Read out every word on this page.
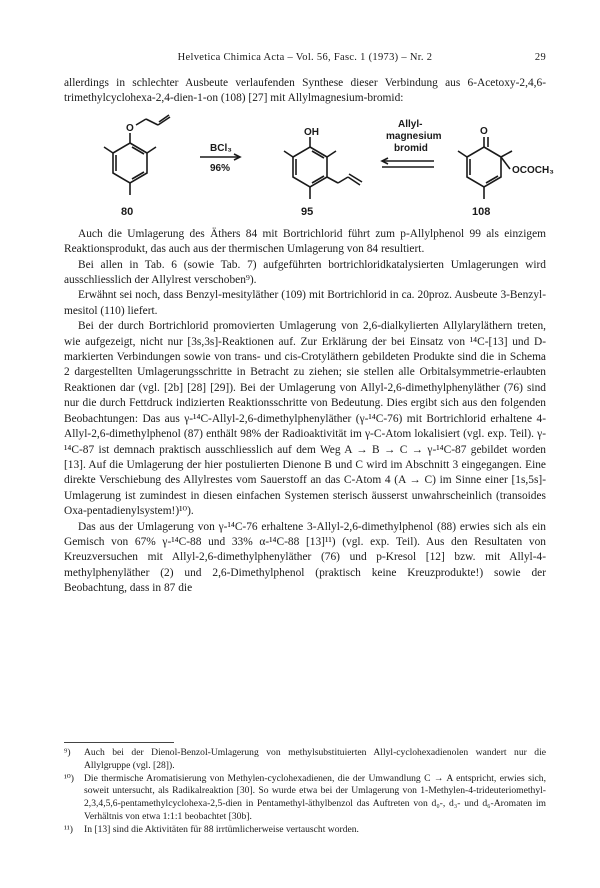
Helvetica Chimica Acta – Vol. 56, Fasc. 1 (1973) – Nr. 2	29

allerdings in schlechter Ausbeute verlaufenden Synthese dieser Verbindung aus 6-Acetoxy-2,4,6-trimethylcyclohexa-2,4-dien-1-on (108) [27] mit Allylmagnesium-bromid:

O	OH	O
OCOCH₃
BCl₃
96%
Allyl-
magnesium
bromid
80	95	108

Auch die Umlagerung des Äthers 84 mit Bortrichlorid führt zum p-Allylphenol 99 als einzigem Reaktionsprodukt, das auch aus der thermischen Umlagerung von 84 resultiert.

Bei allen in Tab. 6 (sowie Tab. 7) aufgeführten bortrichloridkatalysierten Umlagerungen wird ausschliesslich der Allylrest verschoben⁹).

Erwähnt sei noch, dass Benzyl-mesityläther (109) mit Bortrichlorid in ca. 20proz. Ausbeute 3-Benzyl-mesitol (110) liefert.

Bei der durch Bortrichlorid promovierten Umlagerung von 2,6-dialkylierten Allylaryläthern treten, wie aufgezeigt, nicht nur [3s,3s]-Reaktionen auf. Zur Erklärung der bei Einsatz von ¹⁴C-[13] und D-markierten Verbindungen sowie von trans- und cis-Crotyläthern gebildeten Produkte sind die in Schema 2 dargestellten Umlagerungsschritte in Betracht zu ziehen; sie stellen alle Orbitalsymmetrie-erlaubten Reaktionen dar (vgl. [2b] [28] [29]). Bei der Umlagerung von Allyl-2,6-dimethylphenyläther (76) sind nur die durch Fettdruck indizierten Reaktionsschritte von Bedeutung. Dies ergibt sich aus den folgenden Beobachtungen: Das aus γ-¹⁴C-Allyl-2,6-dimethylphenyläther (γ-¹⁴C-76) mit Bortrichlorid erhaltene 4-Allyl-2,6-dimethylphenol (87) enthält 98% der Radioaktivität im γ-C-Atom lokalisiert (vgl. exp. Teil). γ-¹⁴C-87 ist demnach praktisch ausschliesslich auf dem Weg A → B → C → γ-¹⁴C-87 gebildet worden [13]. Auf die Umlagerung der hier postulierten Dienone B und C wird im Abschnitt 3 eingegangen. Eine direkte Verschiebung des Allylrestes vom Sauerstoff an das C-Atom 4 (A → C) im Sinne einer [1s,5s]-Umlagerung ist zumindest in diesen einfachen Systemen sterisch äusserst unwahrscheinlich (transoides Oxa-pentadienylsystem!)¹⁰).

Das aus der Umlagerung von γ-¹⁴C-76 erhaltene 3-Allyl-2,6-dimethylphenol (88) erwies sich als ein Gemisch von 67% γ-¹⁴C-88 und 33% α-¹⁴C-88 [13]¹¹) (vgl. exp. Teil). Aus den Resultaten von Kreuzversuchen mit Allyl-2,6-dimethylphenyläther (76) und p-Kresol [12] bzw. mit Allyl-4-methylphenyläther (2) und 2,6-Dimethylphenol (praktisch keine Kreuzprodukte!) sowie der Beobachtung, dass in 87 die

⁹) Auch bei der Dienol-Benzol-Umlagerung von methylsubstituierten Allyl-cyclohexadienolen wandert nur die Allylgruppe (vgl. [28]).
¹⁰) Die thermische Aromatisierung von Methylen-cyclohexadienen, die der Umwandlung C → A entspricht, erwies sich, soweit untersucht, als Radikalreaktion [30]. So wurde etwa bei der Umlagerung von 1-Methylen-4-trideuteriomethyl-2,3,4,5,6-pentamethylcyclohexa-2,5-dien in Pentamethyl-äthylbenzol das Auftreten von d₀-, d₃- und d₆-Aromaten im Verhältnis von etwa 1:1:1 beobachtet [30b].
¹¹) In [13] sind die Aktivitäten für 88 irrtümlicherweise vertauscht worden.
